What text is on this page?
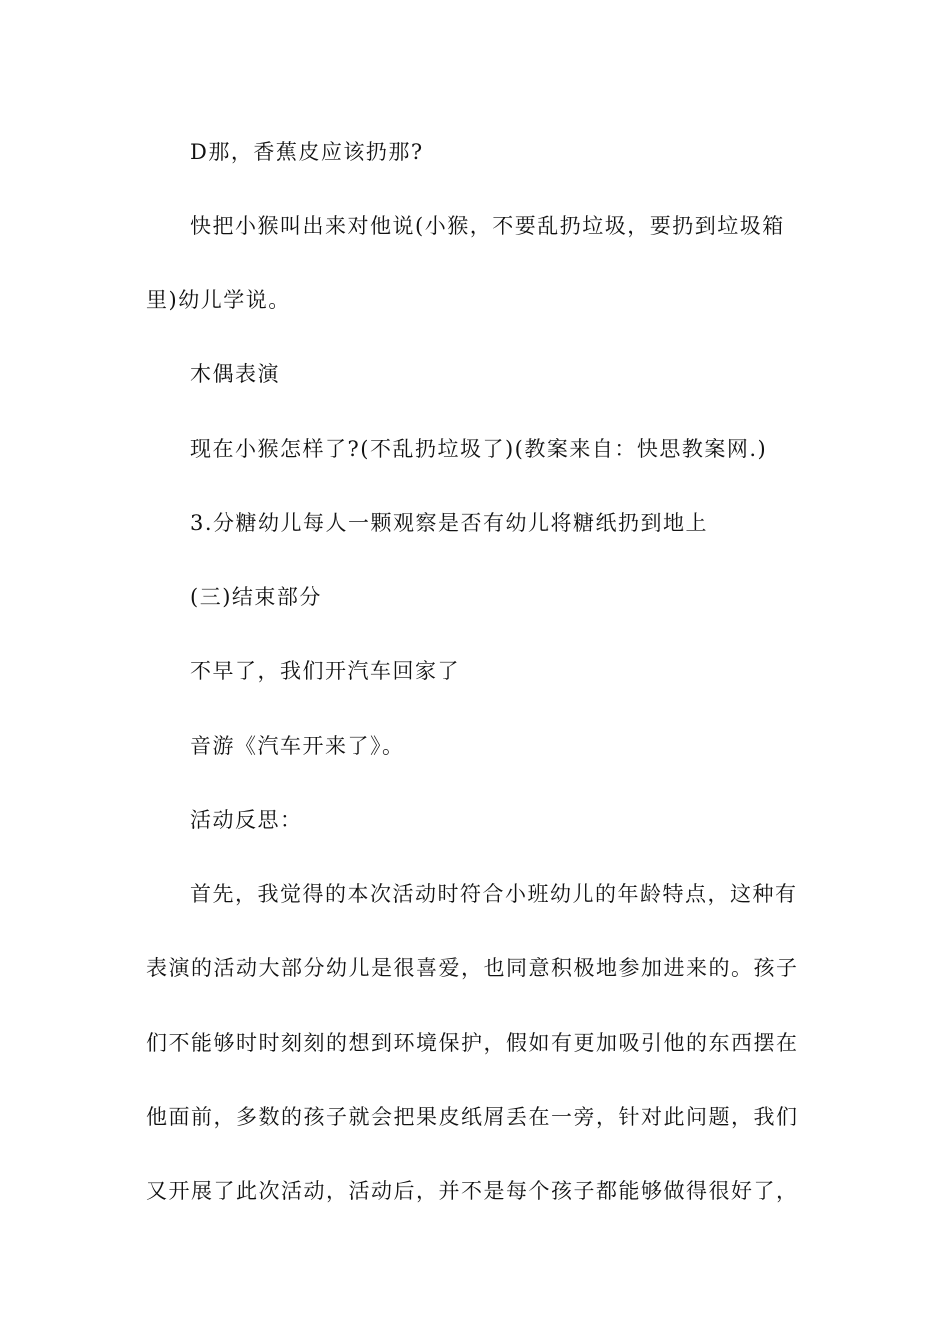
D那，香蕉皮应该扔那?
快把小猴叫出来对他说(小猴，不要乱扔垃圾，要扔到垃圾箱
里)幼儿学说。
木偶表演
现在小猴怎样了?(不乱扔垃圾了)(教案来自：快思教案网.)
3.分糖幼儿每人一颗观察是否有幼儿将糖纸扔到地上
(三)结束部分
不早了，我们开汽车回家了
音游《汽车开来了》。
活动反思：
首先，我觉得的本次活动时符合小班幼儿的年龄特点，这种有
表演的活动大部分幼儿是很喜爱，也同意积极地参加进来的。孩子
们不能够时时刻刻的想到环境保护，假如有更加吸引他的东西摆在
他面前，多数的孩子就会把果皮纸屑丢在一旁，针对此问题，我们
又开展了此次活动，活动后，并不是每个孩子都能够做得很好了，
